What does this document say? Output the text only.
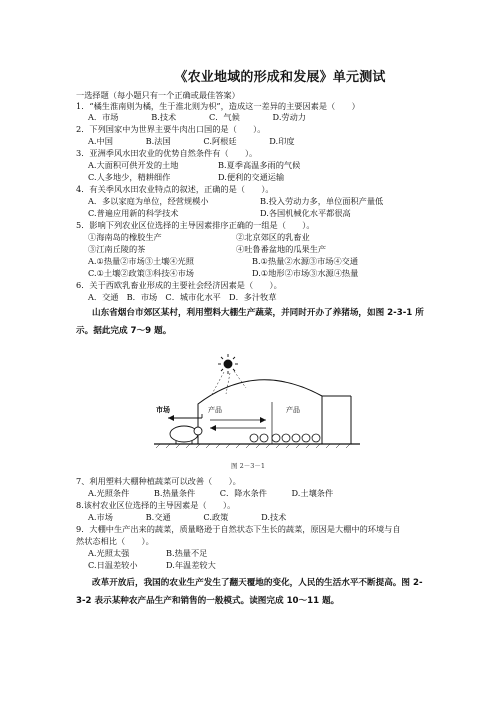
《农业地域的形成和发展》单元测试
一选择题（每小题只有一个正确或最佳答案）
1．“橘生淮南则为橘，生于淮北则为枳”，造成这一差异的主要因素是（　　）
A．市场　　　　B.技术　　　　C．气候　　　　D.劳动力
2．下列国家中为世界主要牛肉出口国的是（　　）。
A.中国　　　　B.法国　　　　C.阿根廷　　　　D.印度
3．亚洲季风水田农业的优势自然条件有（　　）。
A.大面积可供开发的土地	B.夏季高温多雨的气候
C.人多地少，精耕细作	D.便利的交通运输
4．有关季风水田农业特点的叙述，正确的是（　　）。
A．多以家庭为单位，经营规模小	B.投入劳动力多，单位面积产量低
C.普遍应用新的科学技术	D.各国机械化水平都很高
5．影响下列农业区位选择的主导因素排序正确的一组是（　　）。
①海南岛的橡胶生产	②北京郊区的乳畜业
③江南丘陵的茶	④吐鲁番盆地的瓜果生产
A.①热量②市场③土壤④光照	B.①热量②水源③市场④交通
C.①土壤②政策③科技④市场	D.①地形②市场③水源④热量
6．关于西欧乳畜业形成的主要社会经济因素是（　　）。
A．交通　B．市场　C．城市化水平　D．多汁牧草
山东省烟台市郊区某村，利用塑料大棚生产蔬菜，并同时开办了养猪场，如图 2-3-1 所
示。据此完成 7～9 题。
市场	产品	产品
图 2－3－1
7、利用塑料大棚种植蔬菜可以改善（　　）。
A.光照条件　　　B.热量条件　　　C．降水条件　　　D.土壤条件
8.该村农业区位选择的主导因素是（　　）。
A.市场　　　　B.交通　　　　C.政策　　　　D.技术
9．大棚中生产出来的蔬菜，质量略逊于自然状态下生长的蔬菜，原因是大棚中的环境与自
然状态相比（　　）。
A.光照太强	B.热量不足
C.日温差较小	D.年温差较大
改革开放后，我国的农业生产发生了翻天覆地的变化，人民的生活水平不断提高。图 2-
3-2 表示某种农产品生产和销售的一般模式。读图完成 10～11 题。
